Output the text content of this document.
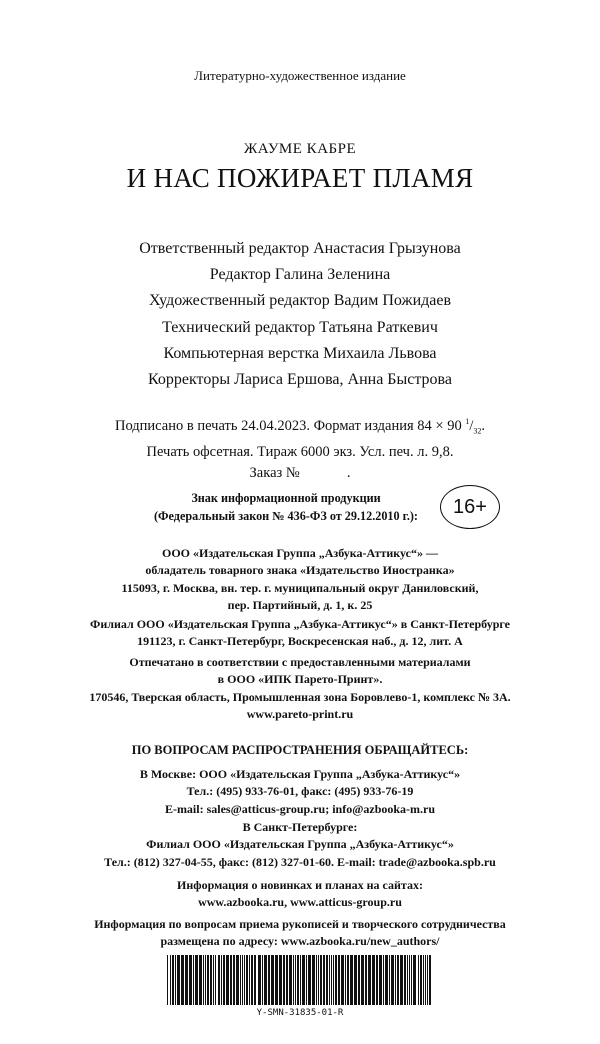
Литературно-художественное издание
ЖАУМЕ КАБРЕ
И НАС ПОЖИРАЕТ ПЛАМЯ
Ответственный редактор Анастасия Грызунова
Редактор Галина Зеленина
Художественный редактор Вадим Пожидаев
Технический редактор Татьяна Раткевич
Компьютерная верстка Михаила Львова
Корректоры Лариса Ершова, Анна Быстрова
Подписано в печать 24.04.2023. Формат издания 84 × 90 $^1/_{32}$.
Печать офсетная. Тираж 6000 экз. Усл. печ. л. 9,8.
Заказ №             .
Знак информационной продукции
(Федеральный закон № 436-ФЗ от 29.12.2010 г.):	16+
ООО «Издательская Группа „Азбука-Аттикус“» —
обладатель товарного знака «Издательство Иностранка»
115093, г. Москва, вн. тер. г. муниципальный округ Даниловский,
пер. Партийный, д. 1, к. 25
Филиал ООО «Издательская Группа „Азбука-Аттикус“» в Санкт-Петербурге
191123, г. Санкт-Петербург, Воскресенская наб., д. 12, лит. А
Отпечатано в соответствии с предоставленными материалами
в ООО «ИПК Парето-Принт».
170546, Тверская область, Промышленная зона Боровлево-1, комплекс № 3А.
www.pareto-print.ru
ПО ВОПРОСАМ РАСПРОСТРАНЕНИЯ ОБРАЩАЙТЕСЬ:
В Москве: ООО «Издательская Группа „Азбука-Аттикус“»
Тел.: (495) 933-76-01, факс: (495) 933-76-19
E-mail: sales@atticus-group.ru; info@azbooka-m.ru
В Санкт-Петербурге:
Филиал ООО «Издательская Группа „Азбука-Аттикус“»
Тел.: (812) 327-04-55, факс: (812) 327-01-60. E-mail: trade@azbooka.spb.ru
Информация о новинках и планах на сайтах:
www.azbooka.ru, www.atticus-group.ru
Информация по вопросам приема рукописей и творческого сотрудничества
размещена по адресу: www.azbooka.ru/new_authors/
Y-SMN-31835-01-R
